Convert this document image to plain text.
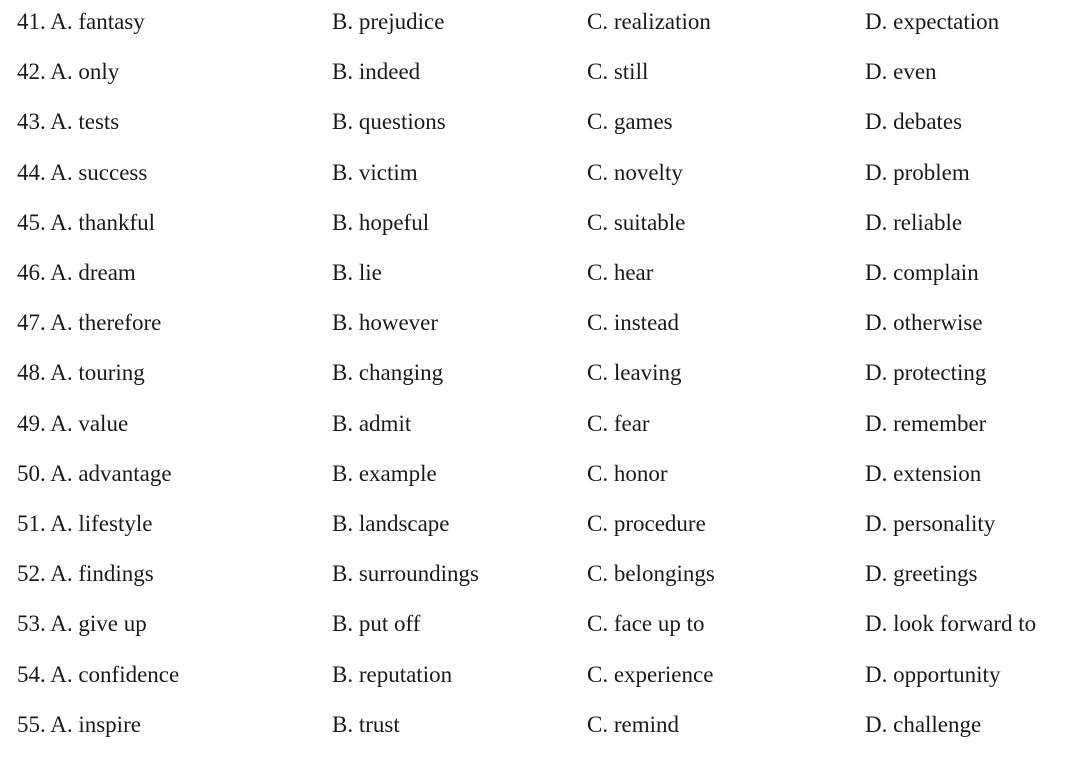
41. A. fantasy	B. prejudice	C. realization	D. expectation
42. A. only	B. indeed	C. still	D. even
43. A. tests	B. questions	C. games	D. debates
44. A. success	B. victim	C. novelty	D. problem
45. A. thankful	B. hopeful	C. suitable	D. reliable
46. A. dream	B. lie	C. hear	D. complain
47. A. therefore	B. however	C. instead	D. otherwise
48. A. touring	B. changing	C. leaving	D. protecting
49. A. value	B. admit	C. fear	D. remember
50. A. advantage	B. example	C. honor	D. extension
51. A. lifestyle	B. landscape	C. procedure	D. personality
52. A. findings	B. surroundings	C. belongings	D. greetings
53. A. give up	B. put off	C. face up to	D. look forward to
54. A. confidence	B. reputation	C. experience	D. opportunity
55. A. inspire	B. trust	C. remind	D. challenge
